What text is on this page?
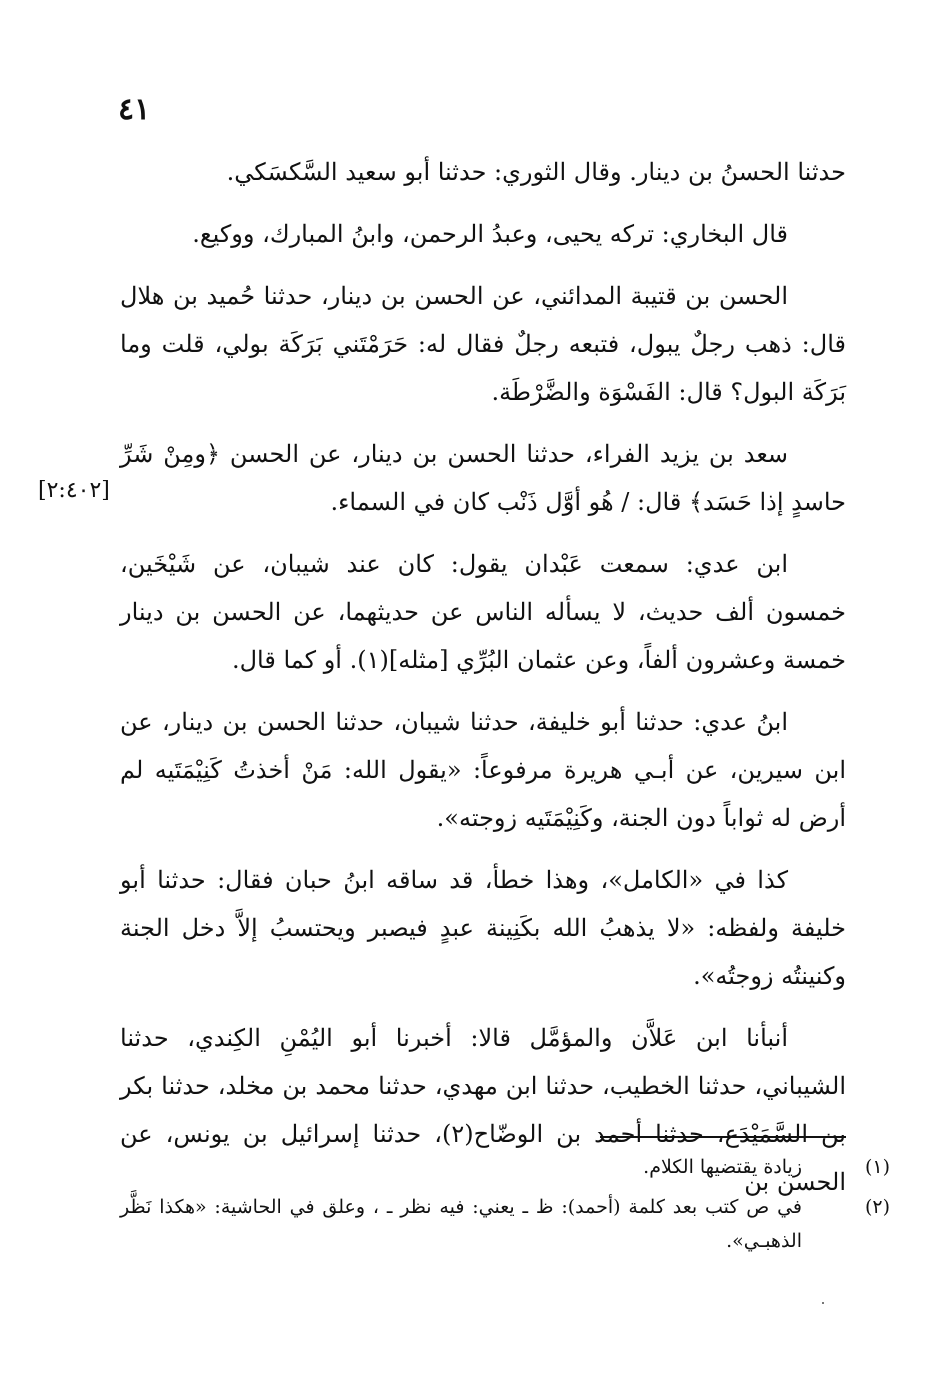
٤١
[٢:٤٠٢]

حدثنا الحسنُ بن دينار. وقال الثوري: حدثنا أبو سعيد السَّكسَكي.

قال البخاري: تركه يحيى، وعبدُ الرحمن، وابنُ المبارك، ووكيع.

الحسن بن قتيبة المدائني، عن الحسن بن دينار، حدثنا حُميد بن هلال قال: ذهب رجلٌ يبول، فتبعه رجلٌ فقال له: حَرَمْتَني بَرَكَة بولي، قلت وما بَرَكَة البول؟ قال: الفَسْوَة والضَّرْطَة.

سعد بن يزيد الفراء، حدثنا الحسن بن دينار، عن الحسن ﴿ومِنْ شَرِّ حاسدٍ إذا حَسَد﴾ قال: / هُو أوَّل ذَنْب كان في السماء.

ابن عدي: سمعت عَبْدان يقول: كان عند شيبان، عن شَيْخَين، خمسون ألف حديث، لا يسأله الناس عن حديثهما، عن الحسن بن دينار خمسة وعشرون ألفاً، وعن عثمان البُرِّي [مثله](١). أو كما قال.

ابنُ عدي: حدثنا أبو خليفة، حدثنا شيبان، حدثنا الحسن بن دينار، عن ابن سيرين، عن أبـي هريرة مرفوعاً: «يقول الله: مَنْ أخذتُ كَنِيْمَتَيه لم أرض له ثواباً دون الجنة، وكَنِيْمَتَيه زوجته».

كذا في «الكامل»، وهذا خطأ، قد ساقه ابنُ حبان فقال: حدثنا أبو خليفة ولفظه: «لا يذهبُ الله بكَنِينة عبدٍ فيصبر ويحتسبُ إلاَّ دخل الجنة وكنينتُه زوجتُه».

أنبأنا ابن عَلاَّن والمؤمَّل قالا: أخبرنا أبو اليُمْنِ الكِندي، حدثنا الشيباني، حدثنا الخطيب، حدثنا ابن مهدي، حدثنا محمد بن مخلد، حدثنا بكر بن السَّمَيْدَع، حدثنا أحمد بن الوضّاح(٢)، حدثنا إسرائيل بن يونس، عن الحسن بن

(١)زيادة يقتضيها الكلام.

(٢)في ص كتب بعد كلمة (أحمد): ظ ـ يعني: فيه نظر ـ ، وعلق في الحاشية: «هكذا نَظَّر الذهبـي».
